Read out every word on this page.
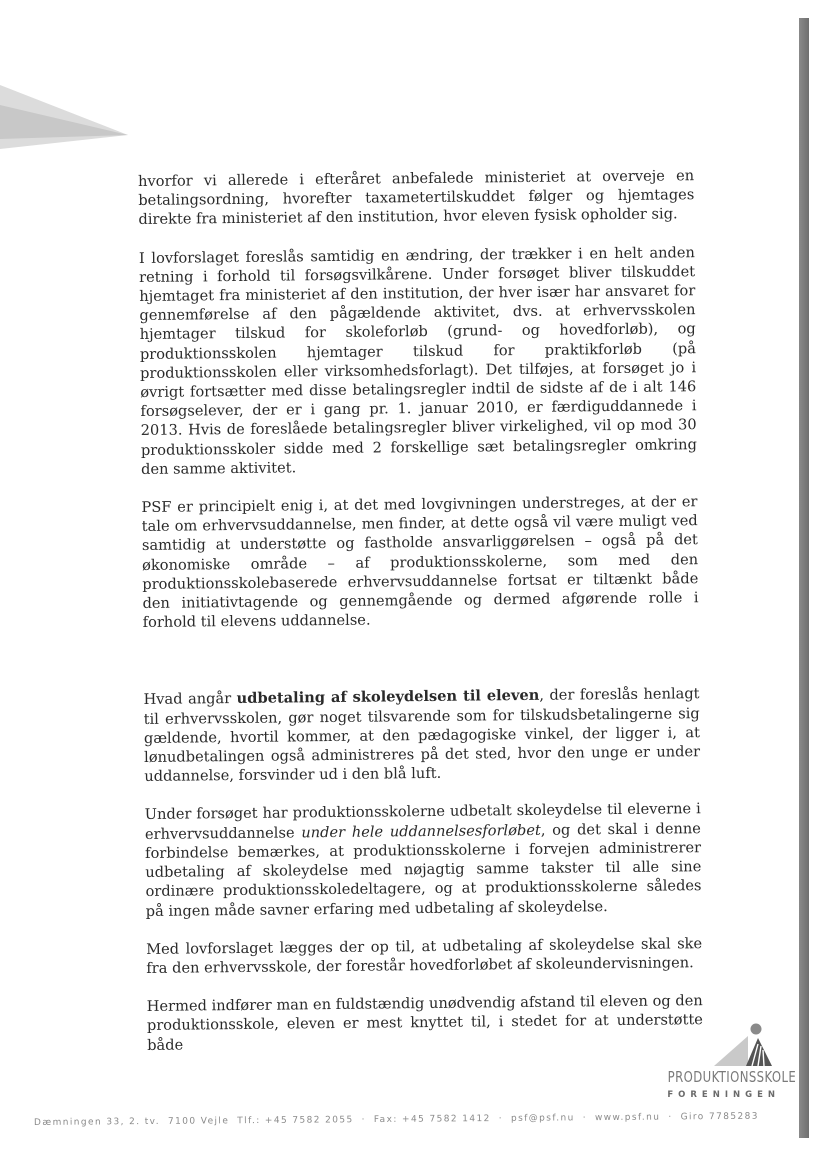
hvorfor vi allerede i efteråret anbefalede ministeriet at overveje en betalingsordning, hvorefter taxametertilskuddet følger og hjemtages direkte fra ministeriet af den institution, hvor eleven fysisk opholder sig.

I lovforslaget foreslås samtidig en ændring, der trækker i en helt anden retning i forhold til forsøgsvilkårene. Under forsøget bliver tilskuddet hjemtaget fra ministeriet af den institution, der hver især har ansvaret for gennemførelse af den pågældende aktivitet, dvs. at erhvervsskolen hjemtager tilskud for skoleforløb (grund- og hovedforløb), og produktionsskolen hjemtager tilskud for praktikforløb (på produktionsskolen eller virksomhedsforlagt). Det tilføjes, at forsøget jo i øvrigt fortsætter med disse betalingsregler indtil de sidste af de i alt 146 forsøgselever, der er i gang pr. 1. januar 2010, er færdiguddannede i 2013. Hvis de foreslåede betalingsregler bliver virkelighed, vil op mod 30 produktionsskoler sidde med 2 forskellige sæt betalingsregler omkring den samme aktivitet.

PSF er principielt enig i, at det med lovgivningen understreges, at der er tale om erhvervsuddannelse, men finder, at dette også vil være muligt ved samtidig at understøtte og fastholde ansvarliggørelsen – også på det økonomiske område – af produktionsskolerne, som med den produktionsskolebaserede erhvervsuddannelse fortsat er tiltænkt både den initiativtagende og gennemgående og dermed afgørende rolle i forhold til elevens uddannelse.

Hvad angår udbetaling af skoleydelsen til eleven, der foreslås henlagt til erhvervsskolen, gør noget tilsvarende som for tilskudsbetalingerne sig gældende, hvortil kommer, at den pædagogiske vinkel, der ligger i, at lønudbetalingen også administreres på det sted, hvor den unge er under uddannelse, forsvinder ud i den blå luft.

Under forsøget har produktionsskolerne udbetalt skoleydelse til eleverne i erhvervsuddannelse under hele uddannelsesforløbet, og det skal i denne forbindelse bemærkes, at produktionsskolerne i forvejen administrerer udbetaling af skoleydelse med nøjagtig samme takster til alle sine ordinære produktionsskoledeltagere, og at produktionsskolerne således på ingen måde savner erfaring med udbetaling af skoleydelse.

Med lovforslaget lægges der op til, at udbetaling af skoleydelse skal ske fra den erhvervsskole, der forestår hovedforløbet af skoleundervisningen.

Hermed indfører man en fuldstændig unødvendig afstand til eleven og den produktionsskole, eleven er mest knyttet til, i stedet for at understøtte både

PRODUKTIONSSKOLE
FORENINGEN
Dæmningen 33, 2. tv. 7100 Vejle Tlf.: +45 7582 2055 · Fax: +45 7582 1412 · psf@psf.nu · www.psf.nu · Giro 7785283
